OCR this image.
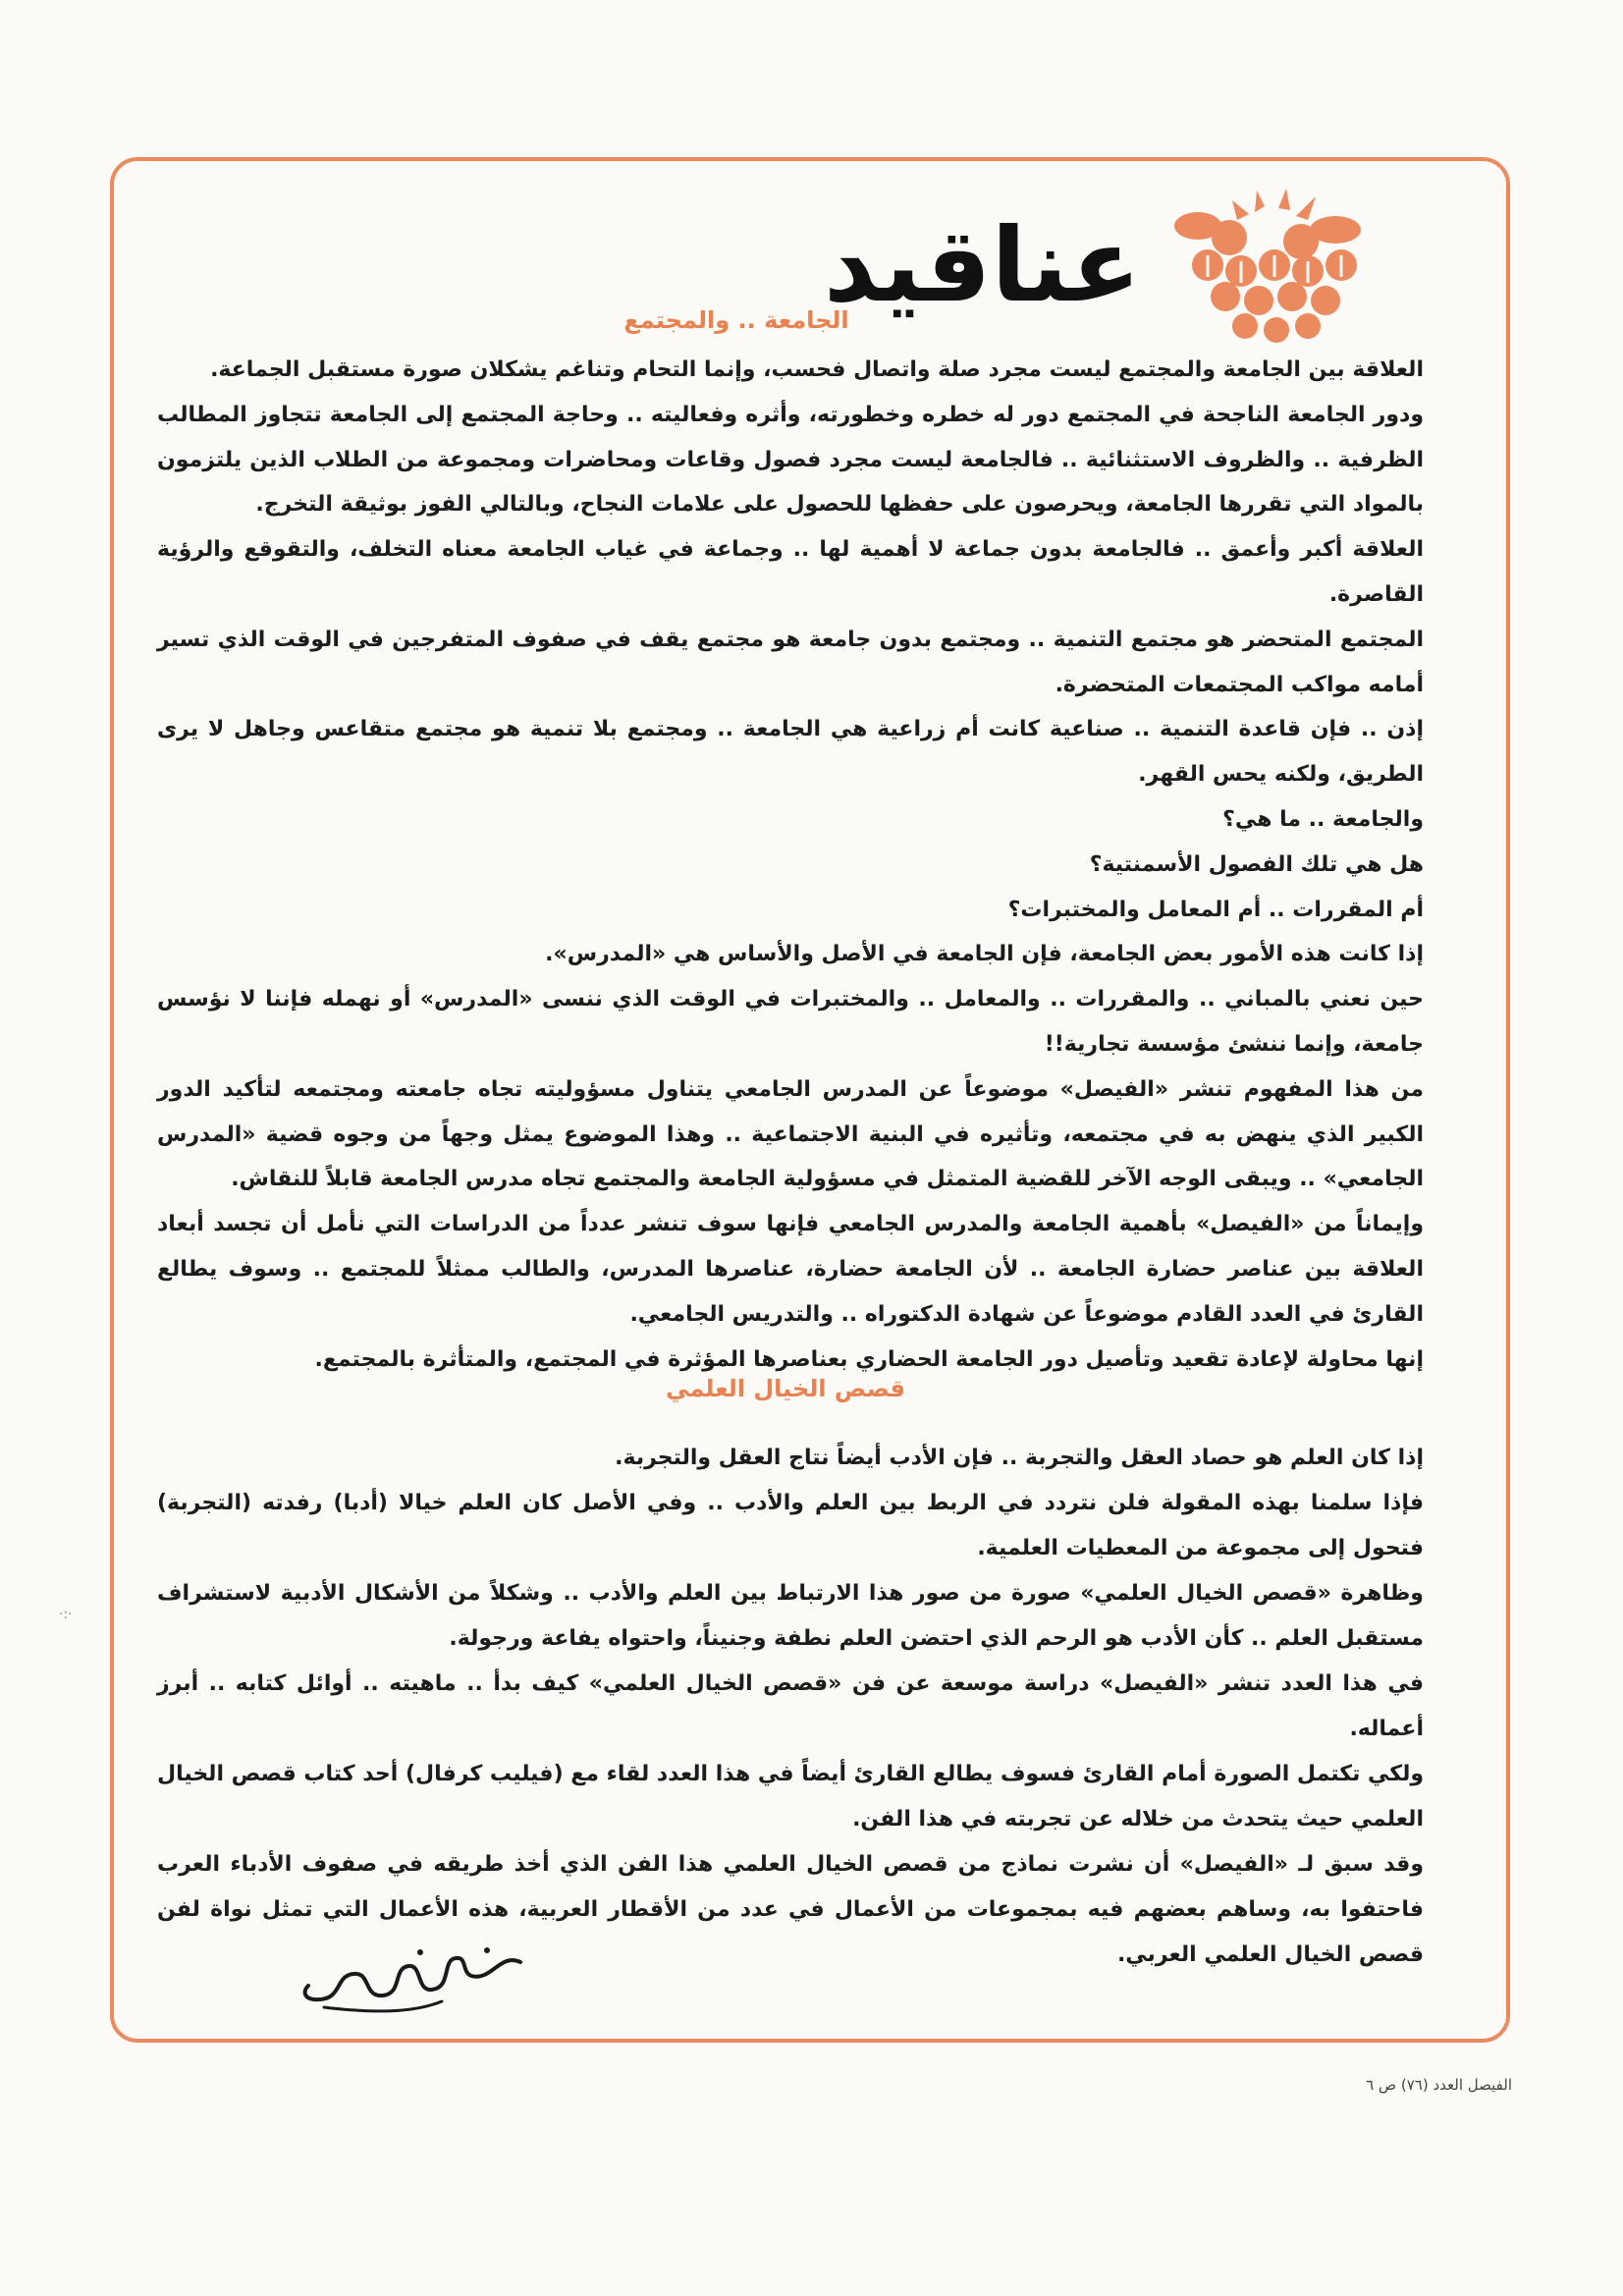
عناقيد
الجامعة .. والمجتمع

العلاقة بين الجامعة والمجتمع ليست مجرد صلة واتصال فحسب، وإنما التحام وتناغم يشكلان صورة مستقبل الجماعة.

ودور الجامعة الناجحة في المجتمع دور له خطره وخطورته، وأثره وفعاليته .. وحاجة المجتمع إلى الجامعة تتجاوز المطالب الظرفية .. والظروف الاستثنائية .. فالجامعة ليست مجرد فصول وقاعات ومحاضرات ومجموعة من الطلاب الذين يلتزمون بالمواد التي تقررها الجامعة، ويحرصون على حفظها للحصول على علامات النجاح، وبالتالي الفوز بوثيقة التخرج.

العلاقة أكبر وأعمق .. فالجامعة بدون جماعة لا أهمية لها .. وجماعة في غياب الجامعة معناه التخلف، والتقوقع والرؤية القاصرة.

المجتمع المتحضر هو مجتمع التنمية .. ومجتمع بدون جامعة هو مجتمع يقف في صفوف المتفرجين في الوقت الذي تسير أمامه مواكب المجتمعات المتحضرة.

إذن .. فإن قاعدة التنمية .. صناعية كانت أم زراعية هي الجامعة .. ومجتمع بلا تنمية هو مجتمع متقاعس وجاهل لا يرى الطريق، ولكنه يحس القهر.

والجامعة .. ما هي؟

هل هي تلك الفصول الأسمنتية؟

أم المقررات .. أم المعامل والمختبرات؟

إذا كانت هذه الأمور بعض الجامعة، فإن الجامعة في الأصل والأساس هي «المدرس».

حين نعني بالمباني .. والمقررات .. والمعامل .. والمختبرات في الوقت الذي ننسى «المدرس» أو نهمله فإننا لا نؤسس جامعة، وإنما ننشئ مؤسسة تجارية!!

من هذا المفهوم تنشر «الفيصل» موضوعاً عن المدرس الجامعي يتناول مسؤوليته تجاه جامعته ومجتمعه لتأكيد الدور الكبير الذي ينهض به في مجتمعه، وتأثيره في البنية الاجتماعية .. وهذا الموضوع يمثل وجهاً من وجوه قضية «المدرس الجامعي» .. ويبقى الوجه الآخر للقضية المتمثل في مسؤولية الجامعة والمجتمع تجاه مدرس الجامعة قابلاً للنقاش.

وإيماناً من «الفيصل» بأهمية الجامعة والمدرس الجامعي فإنها سوف تنشر عدداً من الدراسات التي نأمل أن تجسد أبعاد العلاقة بين عناصر حضارة الجامعة .. لأن الجامعة حضارة، عناصرها المدرس، والطالب ممثلاً للمجتمع .. وسوف يطالع القارئ في العدد القادم موضوعاً عن شهادة الدكتوراه .. والتدريس الجامعي.

إنها محاولة لإعادة تقعيد وتأصيل دور الجامعة الحضاري بعناصرها المؤثرة في المجتمع، والمتأثرة بالمجتمع.

قصص الخيال العلمي

إذا كان العلم هو حصاد العقل والتجربة .. فإن الأدب أيضاً نتاج العقل والتجربة.

فإذا سلمنا بهذه المقولة فلن نتردد في الربط بين العلم والأدب .. وفي الأصل كان العلم خيالا (أدبا) رفدته (التجربة) فتحول إلى مجموعة من المعطيات العلمية.

وظاهرة «قصص الخيال العلمي» صورة من صور هذا الارتباط بين العلم والأدب .. وشكلاً من الأشكال الأدبية لاستشراف مستقبل العلم .. كأن الأدب هو الرحم الذي احتضن العلم نطفة وجنيناً، واحتواه يفاعة ورجولة.

في هذا العدد تنشر «الفيصل» دراسة موسعة عن فن «قصص الخيال العلمي» كيف بدأ .. ماهيته .. أوائل كتابه .. أبرز أعماله.

ولكي تكتمل الصورة أمام القارئ فسوف يطالع القارئ أيضاً في هذا العدد لقاء مع (فيليب كرفال) أحد كتاب قصص الخيال العلمي حيث يتحدث من خلاله عن تجربته في هذا الفن.

وقد سبق لـ «الفيصل» أن نشرت نماذج من قصص الخيال العلمي هذا الفن الذي أخذ طريقه في صفوف الأدباء العرب فاحتفوا به، وساهم بعضهم فيه بمجموعات من الأعمال في عدد من الأقطار العربية، هذه الأعمال التي تمثل نواة لفن قصص الخيال العلمي العربي.

الفيصل العدد (٧٦) ص ٦
·:·
